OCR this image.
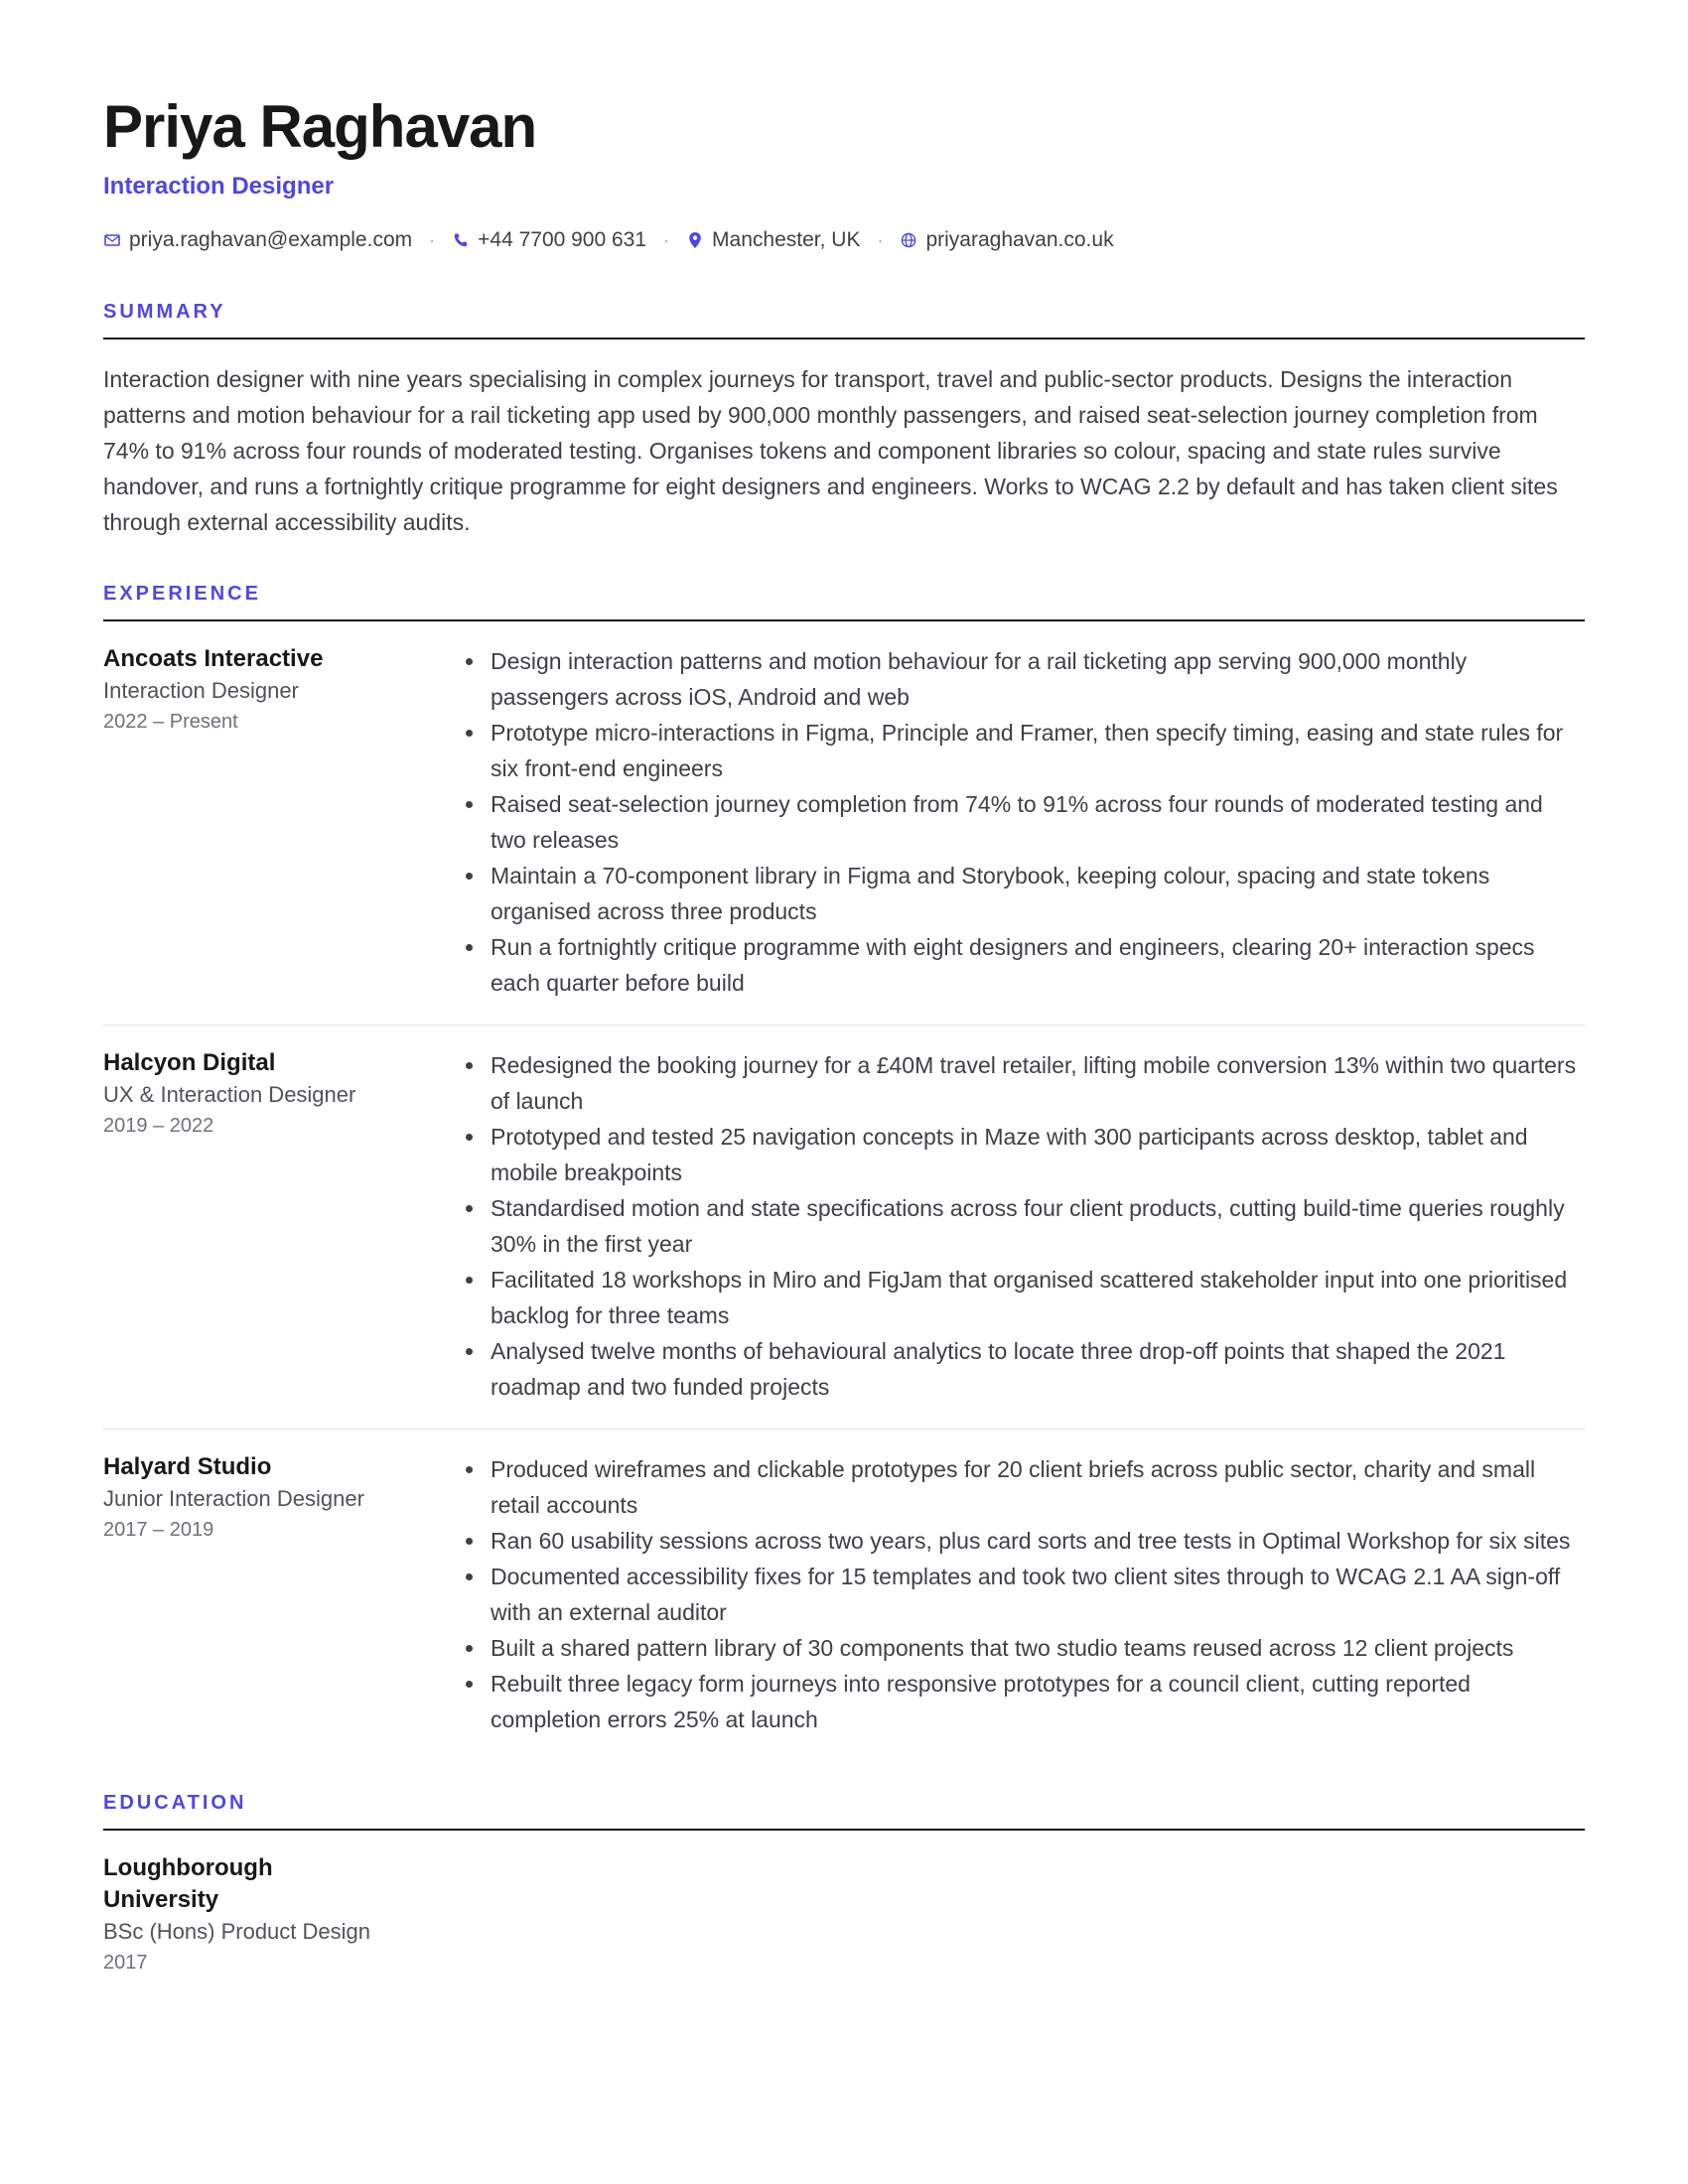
Priya Raghavan
Interaction Designer
priya.raghavan@example.com · +44 7700 900 631 · Manchester, UK · priyaraghavan.co.uk
SUMMARY
Interaction designer with nine years specialising in complex journeys for transport, travel and public-sector products. Designs the interaction patterns and motion behaviour for a rail ticketing app used by 900,000 monthly passengers, and raised seat-selection journey completion from 74% to 91% across four rounds of moderated testing. Organises tokens and component libraries so colour, spacing and state rules survive handover, and runs a fortnightly critique programme for eight designers and engineers. Works to WCAG 2.2 by default and has taken client sites through external accessibility audits.
EXPERIENCE
Ancoats Interactive
Interaction Designer
2022 – Present
• Design interaction patterns and motion behaviour for a rail ticketing app serving 900,000 monthly passengers across iOS, Android and web
• Prototype micro-interactions in Figma, Principle and Framer, then specify timing, easing and state rules for six front-end engineers
• Raised seat-selection journey completion from 74% to 91% across four rounds of moderated testing and two releases
• Maintain a 70-component library in Figma and Storybook, keeping colour, spacing and state tokens organised across three products
• Run a fortnightly critique programme with eight designers and engineers, clearing 20+ interaction specs each quarter before build
Halcyon Digital
UX & Interaction Designer
2019 – 2022
• Redesigned the booking journey for a £40M travel retailer, lifting mobile conversion 13% within two quarters of launch
• Prototyped and tested 25 navigation concepts in Maze with 300 participants across desktop, tablet and mobile breakpoints
• Standardised motion and state specifications across four client products, cutting build-time queries roughly 30% in the first year
• Facilitated 18 workshops in Miro and FigJam that organised scattered stakeholder input into one prioritised backlog for three teams
• Analysed twelve months of behavioural analytics to locate three drop-off points that shaped the 2021 roadmap and two funded projects
Halyard Studio
Junior Interaction Designer
2017 – 2019
• Produced wireframes and clickable prototypes for 20 client briefs across public sector, charity and small retail accounts
• Ran 60 usability sessions across two years, plus card sorts and tree tests in Optimal Workshop for six sites
• Documented accessibility fixes for 15 templates and took two client sites through to WCAG 2.1 AA sign-off with an external auditor
• Built a shared pattern library of 30 components that two studio teams reused across 12 client projects
• Rebuilt three legacy form journeys into responsive prototypes for a council client, cutting reported completion errors 25% at launch
EDUCATION
Loughborough University
BSc (Hons) Product Design
2017
